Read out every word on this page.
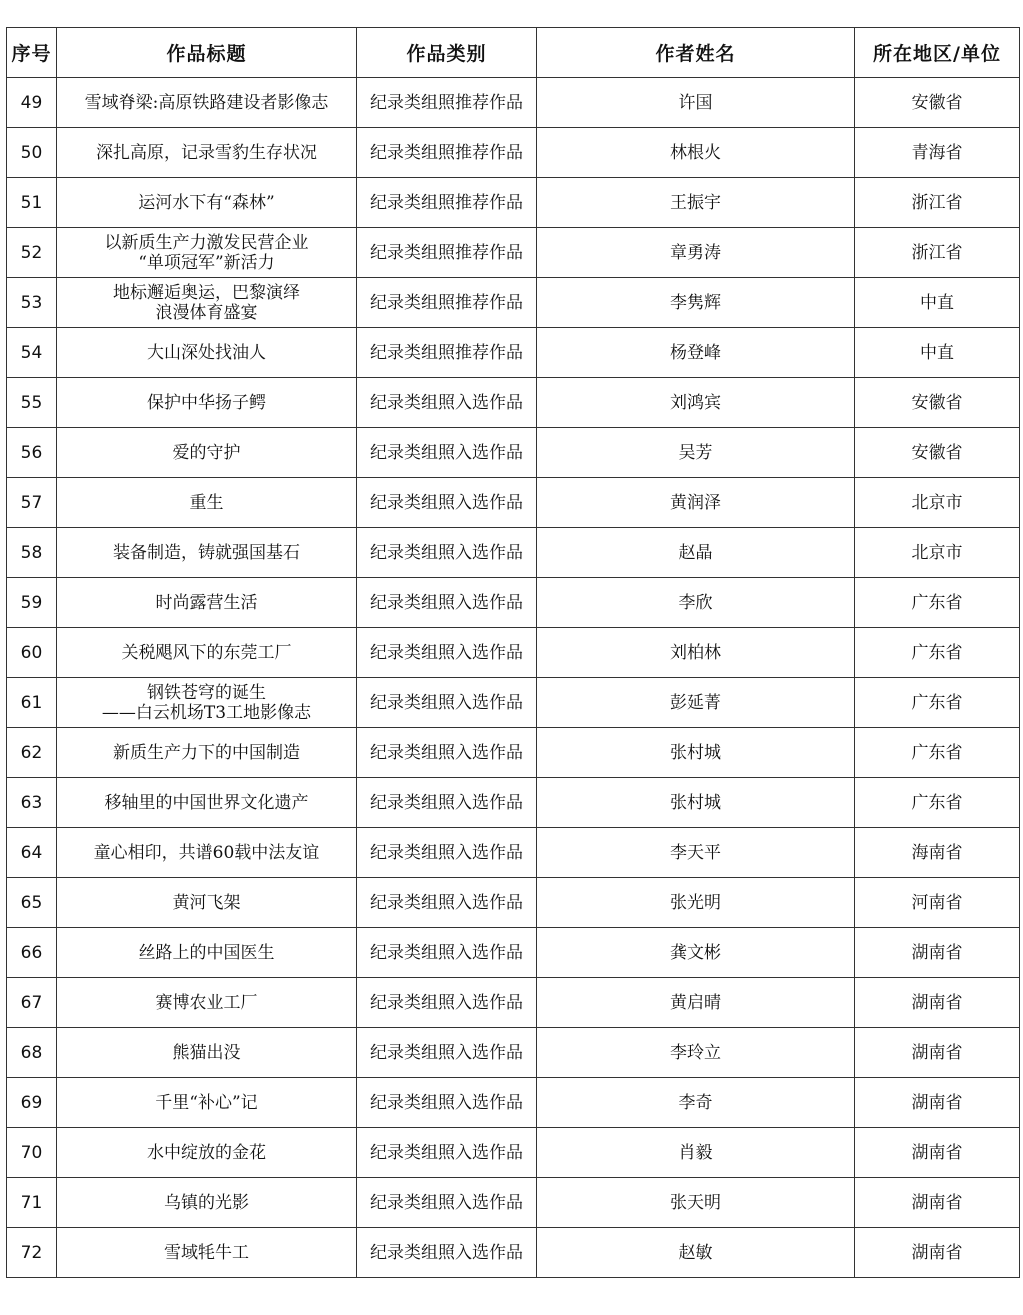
序号	作品标题	作品类别	作者姓名	所在地区/单位
49	雪域脊梁:高原铁路建设者影像志	纪录类组照推荐作品	许国	安徽省
50	深扎高原，记录雪豹生存状况	纪录类组照推荐作品	林根火	青海省
51	运河水下有“森林”	纪录类组照推荐作品	王振宇	浙江省
52	以新质生产力激发民营企业
“单项冠军”新活力	纪录类组照推荐作品	章勇涛	浙江省
53	地标邂逅奥运，巴黎演绎
浪漫体育盛宴	纪录类组照推荐作品	李隽辉	中直
54	大山深处找油人	纪录类组照推荐作品	杨登峰	中直
55	保护中华扬子鳄	纪录类组照入选作品	刘鸿宾	安徽省
56	爱的守护	纪录类组照入选作品	吴芳	安徽省
57	重生	纪录类组照入选作品	黄润泽	北京市
58	装备制造，铸就强国基石	纪录类组照入选作品	赵晶	北京市
59	时尚露营生活	纪录类组照入选作品	李欣	广东省
60	关税飓风下的东莞工厂	纪录类组照入选作品	刘柏林	广东省
61	钢铁苍穹的诞生
——白云机场T3工地影像志	纪录类组照入选作品	彭延菁	广东省
62	新质生产力下的中国制造	纪录类组照入选作品	张村城	广东省
63	移轴里的中国世界文化遗产	纪录类组照入选作品	张村城	广东省
64	童心相印，共谱60载中法友谊	纪录类组照入选作品	李天平	海南省
65	黄河飞架	纪录类组照入选作品	张光明	河南省
66	丝路上的中国医生	纪录类组照入选作品	龚文彬	湖南省
67	赛博农业工厂	纪录类组照入选作品	黄启晴	湖南省
68	熊猫出没	纪录类组照入选作品	李玲立	湖南省
69	千里“补心”记	纪录类组照入选作品	李奇	湖南省
70	水中绽放的金花	纪录类组照入选作品	肖毅	湖南省
71	乌镇的光影	纪录类组照入选作品	张天明	湖南省
72	雪域牦牛工	纪录类组照入选作品	赵敏	湖南省
